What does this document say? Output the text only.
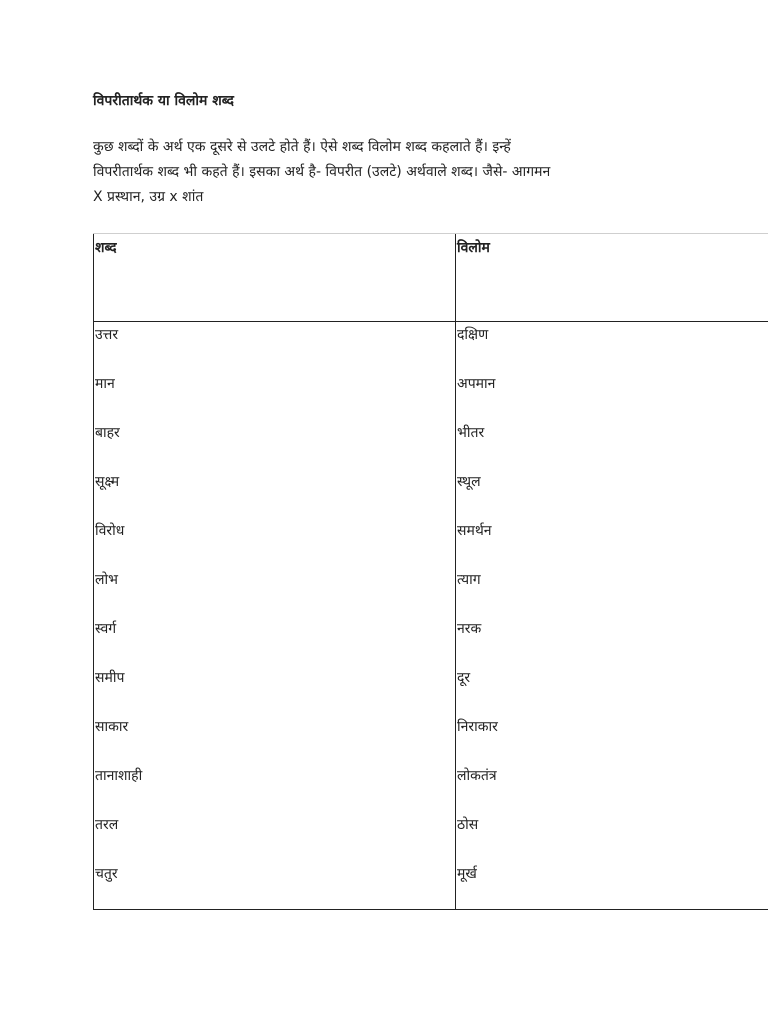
विपरीतार्थक या विलोम शब्द

कुछ शब्दों के अर्थ एक दूसरे से उलटे होते हैं। ऐसे शब्द विलोम शब्द कहलाते हैं। इन्हें
विपरीतार्थक शब्द भी कहते हैं। इसका अर्थ है- विपरीत (उलटे) अर्थवाले शब्द। जैसे- आगमन
X प्रस्थान, उग्र x शांत

शब्द	विलोम
उत्तर	दक्षिण
मान	अपमान
बाहर	भीतर
सूक्ष्म	स्थूल
विरोध	समर्थन
लोभ	त्याग
स्वर्ग	नरक
समीप	दूर
साकार	निराकार
तानाशाही	लोकतंत्र
तरल	ठोस
चतुर	मूर्ख
